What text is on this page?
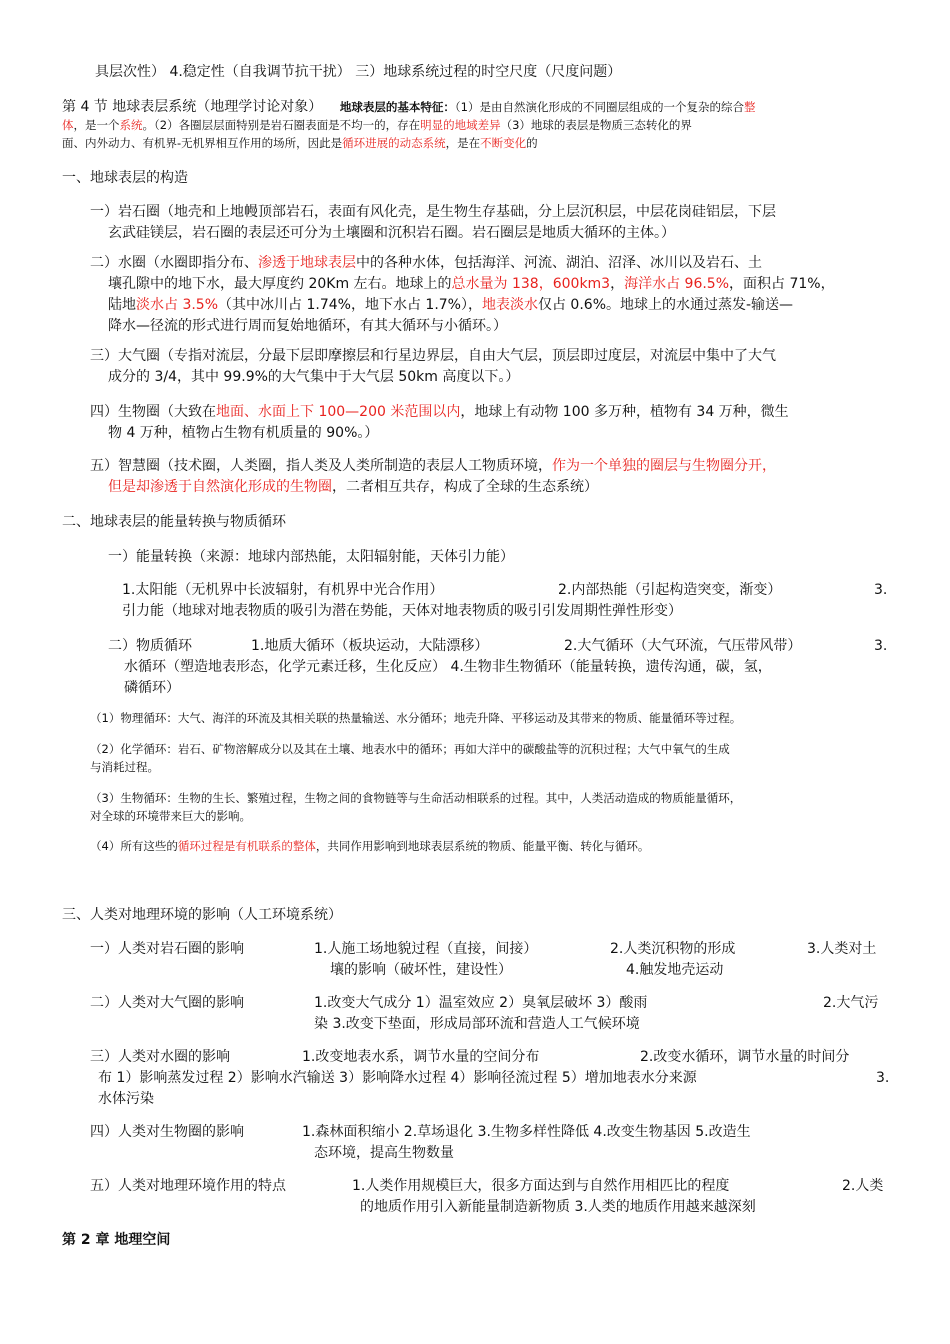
具层次性） 4.稳定性（自我调节抗干扰） 三）地球系统过程的时空尺度（尺度问题）
第 4 节 地球表层系统（地理学讨论对象） 地球表层的基本特征：（1）是由自然演化形成的不同圈层组成的一个复杂的综合整
体，是一个系统。（2）各圈层层面特别是岩石圈表面是不均一的，存在明显的地域差异（3）地球的表层是物质三态转化的界
面、内外动力、有机界-无机界相互作用的场所，因此是循环进展的动态系统，是在不断变化的
一、地球表层的构造
一）岩石圈（地壳和上地幔顶部岩石，表面有风化壳，是生物生存基础，分上层沉积层，中层花岗硅铝层，下层
玄武硅镁层，岩石圈的表层还可分为土壤圈和沉积岩石圈。岩石圈层是地质大循环的主体。）
二）水圈（水圈即指分布、渗透于地球表层中的各种水体，包括海洋、河流、湖泊、沼泽、冰川以及岩石、土
壤孔隙中的地下水，最大厚度约 20Km 左右。地球上的总水量为 138，600km3，海洋水占 96.5%，面积占 71%，
陆地淡水占 3.5%（其中冰川占 1.74%，地下水占 1.7%），地表淡水仅占 0.6%。地球上的水通过蒸发-输送—
降水—径流的形式进行周而复始地循环，有其大循环与小循环。）
三）大气圈（专指对流层，分最下层即摩擦层和行星边界层，自由大气层，顶层即过度层，对流层中集中了大气
成分的 3/4，其中 99.9%的大气集中于大气层 50km 高度以下。）
四）生物圈（大致在地面、水面上下 100—200 米范围以内，地球上有动物 100 多万种，植物有 34 万种，微生
物 4 万种，植物占生物有机质量的 90%。）
五）智慧圈（技术圈，人类圈，指人类及人类所制造的表层人工物质环境，作为一个单独的圈层与生物圈分开，
但是却渗透于自然演化形成的生物圈，二者相互共存，构成了全球的生态系统）
二、地球表层的能量转换与物质循环
一）能量转换（来源：地球内部热能，太阳辐射能，天体引力能）
1.太阳能（无机界中长波辐射，有机界中光合作用）	2.内部热能（引起构造突变，渐变）	3.
引力能（地球对地表物质的吸引为潜在势能，天体对地表物质的吸引引发周期性弹性形变）
二）物质循环	1.地质大循环（板块运动，大陆漂移）	2.大气循环（大气环流，气压带风带）	3.
水循环（塑造地表形态，化学元素迁移，生化反应） 4.生物非生物循环（能量转换，遗传沟通，碳，氢，
磷循环）
（1）物理循环：大气、海洋的环流及其相关联的热量输送、水分循环；地壳升降、平移运动及其带来的物质、能量循环等过程。
（2）化学循环：岩石、矿物溶解成分以及其在土壤、地表水中的循环；再如大洋中的碳酸盐等的沉积过程；大气中氧气的生成
与消耗过程。
（3）生物循环：生物的生长、繁殖过程，生物之间的食物链等与生命活动相联系的过程。其中，人类活动造成的物质能量循环，
对全球的环境带来巨大的影响。
（4）所有这些的循环过程是有机联系的整体，共同作用影响到地球表层系统的物质、能量平衡、转化与循环。
三、人类对地理环境的影响（人工环境系统）
一）人类对岩石圈的影响	1.人施工场地貌过程（直接，间接）	2.人类沉积物的形成	3.人类对土
壤的影响（破坏性，建设性）	4.触发地壳运动
二）人类对大气圈的影响	1.改变大气成分 1）温室效应 2）臭氧层破坏 3）酸雨	2.大气污
染 3.改变下垫面，形成局部环流和营造人工气候环境
三）人类对水圈的影响	1.改变地表水系，调节水量的空间分布	2.改变水循环，调节水量的时间分
布 1）影响蒸发过程 2）影响水汽输送 3）影响降水过程 4）影响径流过程 5）增加地表水分来源	3.
水体污染
四）人类对生物圈的影响	1.森林面积缩小 2.草场退化 3.生物多样性降低 4.改变生物基因 5.改造生
态环境，提高生物数量
五）人类对地理环境作用的特点	1.人类作用规模巨大，很多方面达到与自然作用相匹比的程度	2.人类
的地质作用引入新能量制造新物质 3.人类的地质作用越来越深刻
第 2 章 地理空间
